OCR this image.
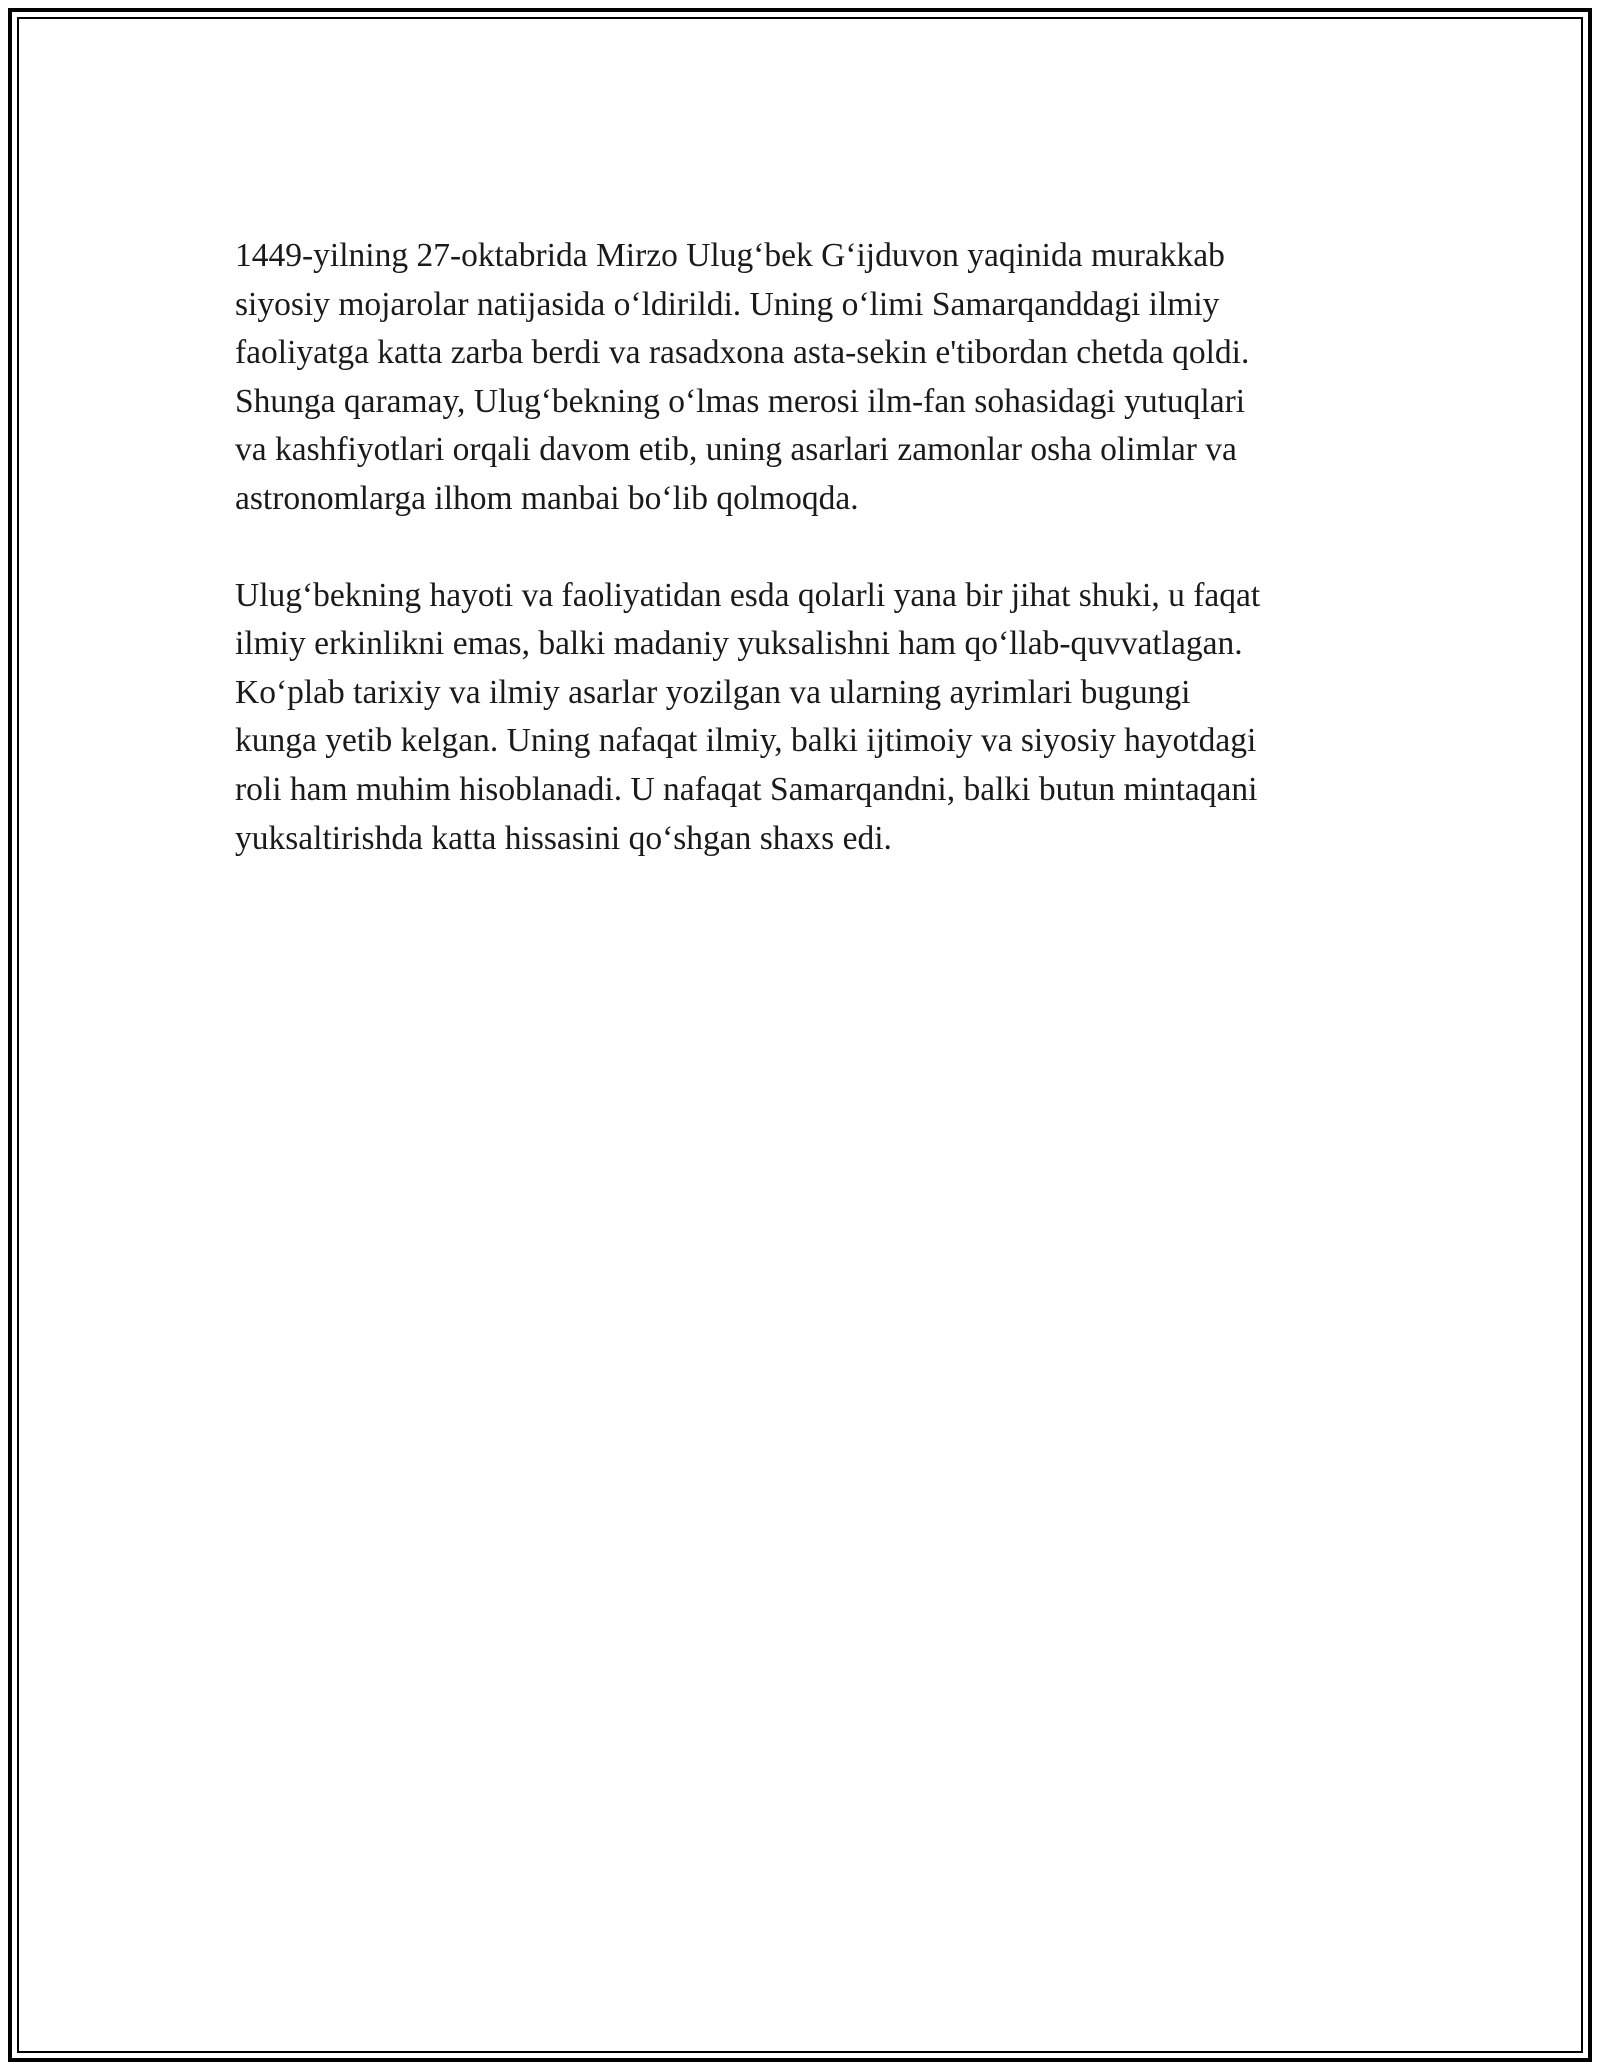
1449-yilning 27-oktabrida Mirzo Ulug‘bek G‘ijduvon yaqinida murakkab
siyosiy mojarolar natijasida o‘ldirildi. Uning o‘limi Samarqanddagi ilmiy
faoliyatga katta zarba berdi va rasadxona asta-sekin e'tibordan chetda qoldi.
Shunga qaramay, Ulug‘bekning o‘lmas merosi ilm-fan sohasidagi yutuqlari
va kashfiyotlari orqali davom etib, uning asarlari zamonlar osha olimlar va
astronomlarga ilhom manbai bo‘lib qolmoqda.

Ulug‘bekning hayoti va faoliyatidan esda qolarli yana bir jihat shuki, u faqat
ilmiy erkinlikni emas, balki madaniy yuksalishni ham qo‘llab-quvvatlagan.
Ko‘plab tarixiy va ilmiy asarlar yozilgan va ularning ayrimlari bugungi
kunga yetib kelgan. Uning nafaqat ilmiy, balki ijtimoiy va siyosiy hayotdagi
roli ham muhim hisoblanadi. U nafaqat Samarqandni, balki butun mintaqani
yuksaltirishda katta hissasini qo‘shgan shaxs edi.
